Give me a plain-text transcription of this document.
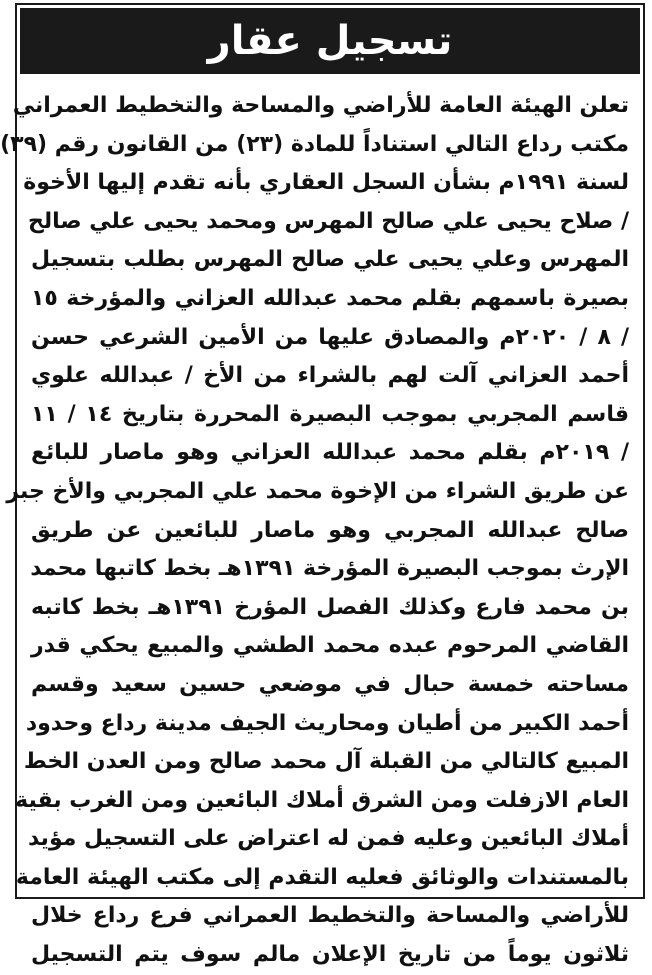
تسجيل عقار
تعلن الهيئة العامة للأراضي والمساحة والتخطيط العمراني
مكتب رداع التالي استناداً للمادة (٢٣) من القانون رقم (٣٩)
لسنة ١٩٩١م بشأن السجل العقاري بأنه تقدم إليها الأخوة
/ صلاح يحيى علي صالح المهرس ومحمد يحيى علي صالح
المهرس وعلي يحيى علي صالح المهرس بطلب بتسجيل
بصيرة باسمهم بقلم محمد عبدالله العزاني والمؤرخة ١٥
/ ٨ / ٢٠٢٠م والمصادق عليها من الأمين الشرعي حسن
أحمد العزاني آلت لهم بالشراء من الأخ / عبدالله علوي
قاسم المجربي بموجب البصيرة المحررة بتاريخ ١٤ / ١١
/ ٢٠١٩م بقلم محمد عبدالله العزاني وهو ماصار للبائع
عن طريق الشراء من الإخوة محمد علي المجربي والأخ جبر
صالح عبدالله المجربي وهو ماصار للبائعين عن طريق
الإرث بموجب البصيرة المؤرخة ١٣٩١هـ بخط كاتبها محمد
بن محمد فارع وكذلك الفصل المؤرخ ١٣٩١هـ بخط كاتبه
القاضي المرحوم عبده محمد الطشي والمبيع يحكي قدر
مساحته خمسة حبال في موضعي حسين سعيد وقسم
أحمد الكبير من أطيان ومحاريث الجيف مدينة رداع وحدود
المبيع كالتالي من القبلة آل محمد صالح ومن العدن الخط
العام الازفلت ومن الشرق أملاك البائعين ومن الغرب بقية
أملاك البائعين وعليه فمن له اعتراض على التسجيل مؤيد
بالمستندات والوثائق فعليه التقدم إلى مكتب الهيئة العامة
للأراضي والمساحة والتخطيط العمراني فرع رداع خلال
ثلاثون يوماً من تاريخ الإعلان مالم سوف يتم التسجيل
